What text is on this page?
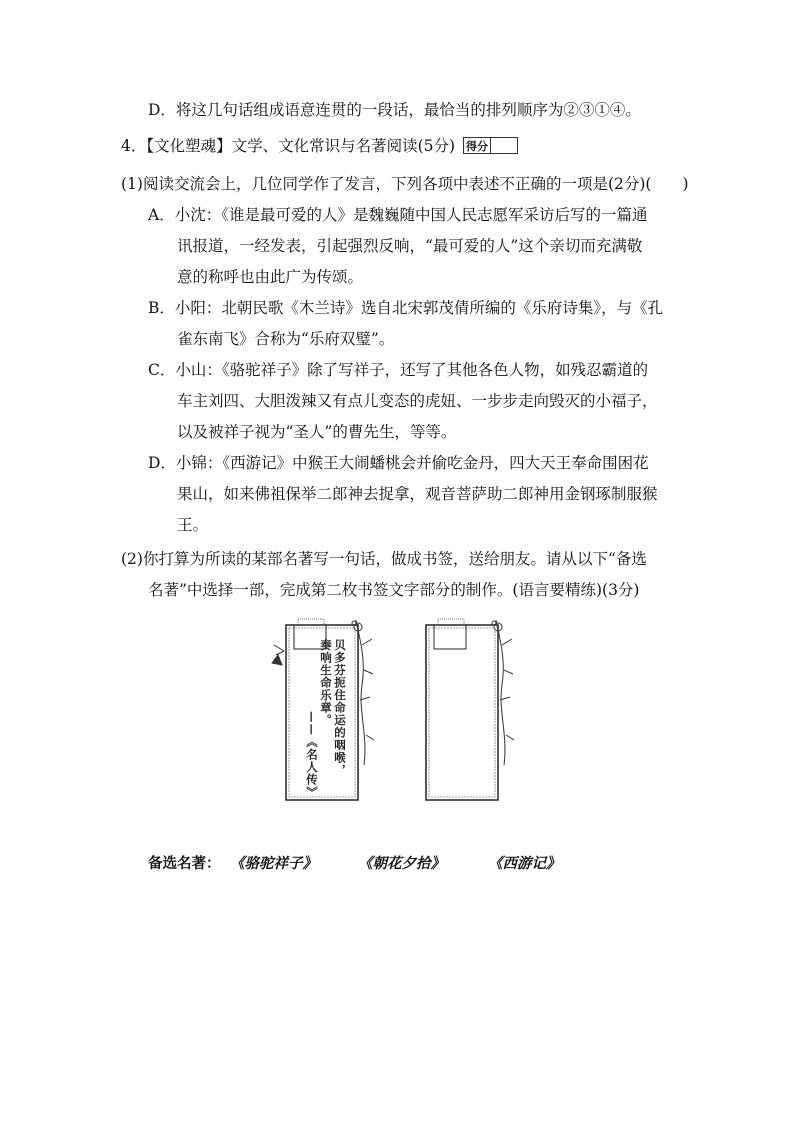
D．将这几句话组成语意连贯的一段话，最恰当的排列顺序为②③①④。
4．【文化塑魂】文学、文化常识与名著阅读(5分) 得分
(1)阅读交流会上，几位同学作了发言，下列各项中表述不正确的一项是(2分)(　　)
A．小沈：《谁是最可爱的人》是魏巍随中国人民志愿军采访后写的一篇通
讯报道，一经发表，引起强烈反响，“最可爱的人”这个亲切而充满敬
意的称呼也由此广为传颂。
B．小阳：北朝民歌《木兰诗》选自北宋郭茂倩所编的《乐府诗集》，与《孔
雀东南飞》合称为“乐府双璧”。
C．小山：《骆驼祥子》除了写祥子，还写了其他各色人物，如残忍霸道的
车主刘四、大胆泼辣又有点儿变态的虎妞、一步步走向毁灭的小福子，
以及被祥子视为“圣人”的曹先生，等等。
D．小锦：《西游记》中猴王大闹蟠桃会并偷吃金丹，四大天王奉命围困花
果山，如来佛祖保举二郎神去捉拿，观音菩萨助二郎神用金钢琢制服猴
王。
(2)你打算为所读的某部名著写一句话，做成书签，送给朋友。请从以下“备选
名著”中选择一部，完成第二枚书签文字部分的制作。(语言要精练)(3分)
贝多芬扼住命运的咽喉，
奏响生命乐章。
——《名人传》
备选名著： 《骆驼祥子》	《朝花夕拾》	《西游记》
